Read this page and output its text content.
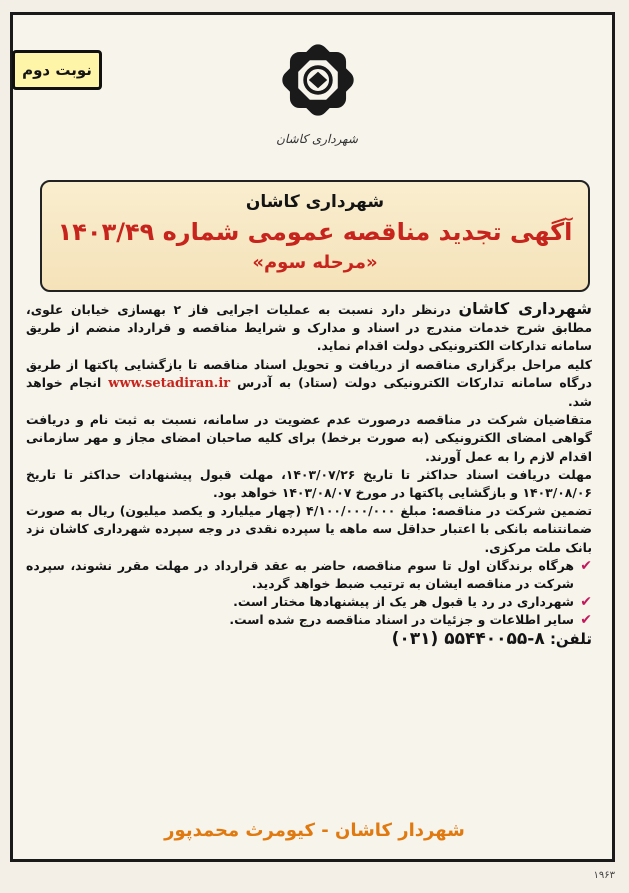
نوبت دوم
شهرداری کاشان
شهرداری کاشان
آگهی تجدید مناقصه عمومی شماره ۱۴۰۳/۴۹
«مرحله سوم»

شهرداری کاشان درنظر دارد نسبت به عملیات اجرایی فاز ۲ بهسازی خیابان علوی، مطابق شرح خدمات مندرج در اسناد و مدارک و شرایط مناقصه و قرارداد منضم از طریق سامانه تدارکات الکترونیکی دولت اقدام نماید.

کلیه مراحل برگزاری مناقصه از دریافت و تحویل اسناد مناقصه تا بازگشایی پاکتها از طریق درگاه سامانه تدارکات الکترونیکی دولت (ستاد) به آدرس www.setadiran.ir انجام خواهد شد.

متقاضیان شرکت در مناقصه درصورت عدم عضویت در سامانه، نسبت به ثبت نام و دریافت گواهی امضای الکترونیکی (به صورت برخط) برای کلیه صاحبان امضای مجاز و مهر سازمانی اقدام لازم را به عمل آورند.

مهلت دریافت اسناد حداکثر تا تاریخ ۱۴۰۳/۰۷/۲۶، مهلت قبول پیشنهادات حداکثر تا تاریخ ۱۴۰۳/۰۸/۰۶ و بازگشایی پاکتها در مورخ ۱۴۰۳/۰۸/۰۷ خواهد بود.

تضمین شرکت در مناقصه: مبلغ ۴/۱۰۰/۰۰۰/۰۰۰ (چهار میلیارد و یکصد میلیون) ریال به صورت ضمانتنامه بانکی با اعتبار حداقل سه ماهه یا سپرده نقدی در وجه سپرده شهرداری کاشان نزد بانک ملت مرکزی.

✔
هرگاه برندگان اول تا سوم مناقصه، حاضر به عقد قرارداد در مهلت مقرر نشوند، سپرده شرکت در مناقصه ایشان به ترتیب ضبط خواهد گردید.

✔
شهرداری در رد یا قبول هر یک از پیشنهادها مختار است.

✔
سایر اطلاعات و جزئیات در اسناد مناقصه درج شده است.

تلفن: ۸-۵۵۴۴۰۰۵۵ (۰۳۱)

شهردار کاشان - کیومرث محمدپور
۱۹۶۳
